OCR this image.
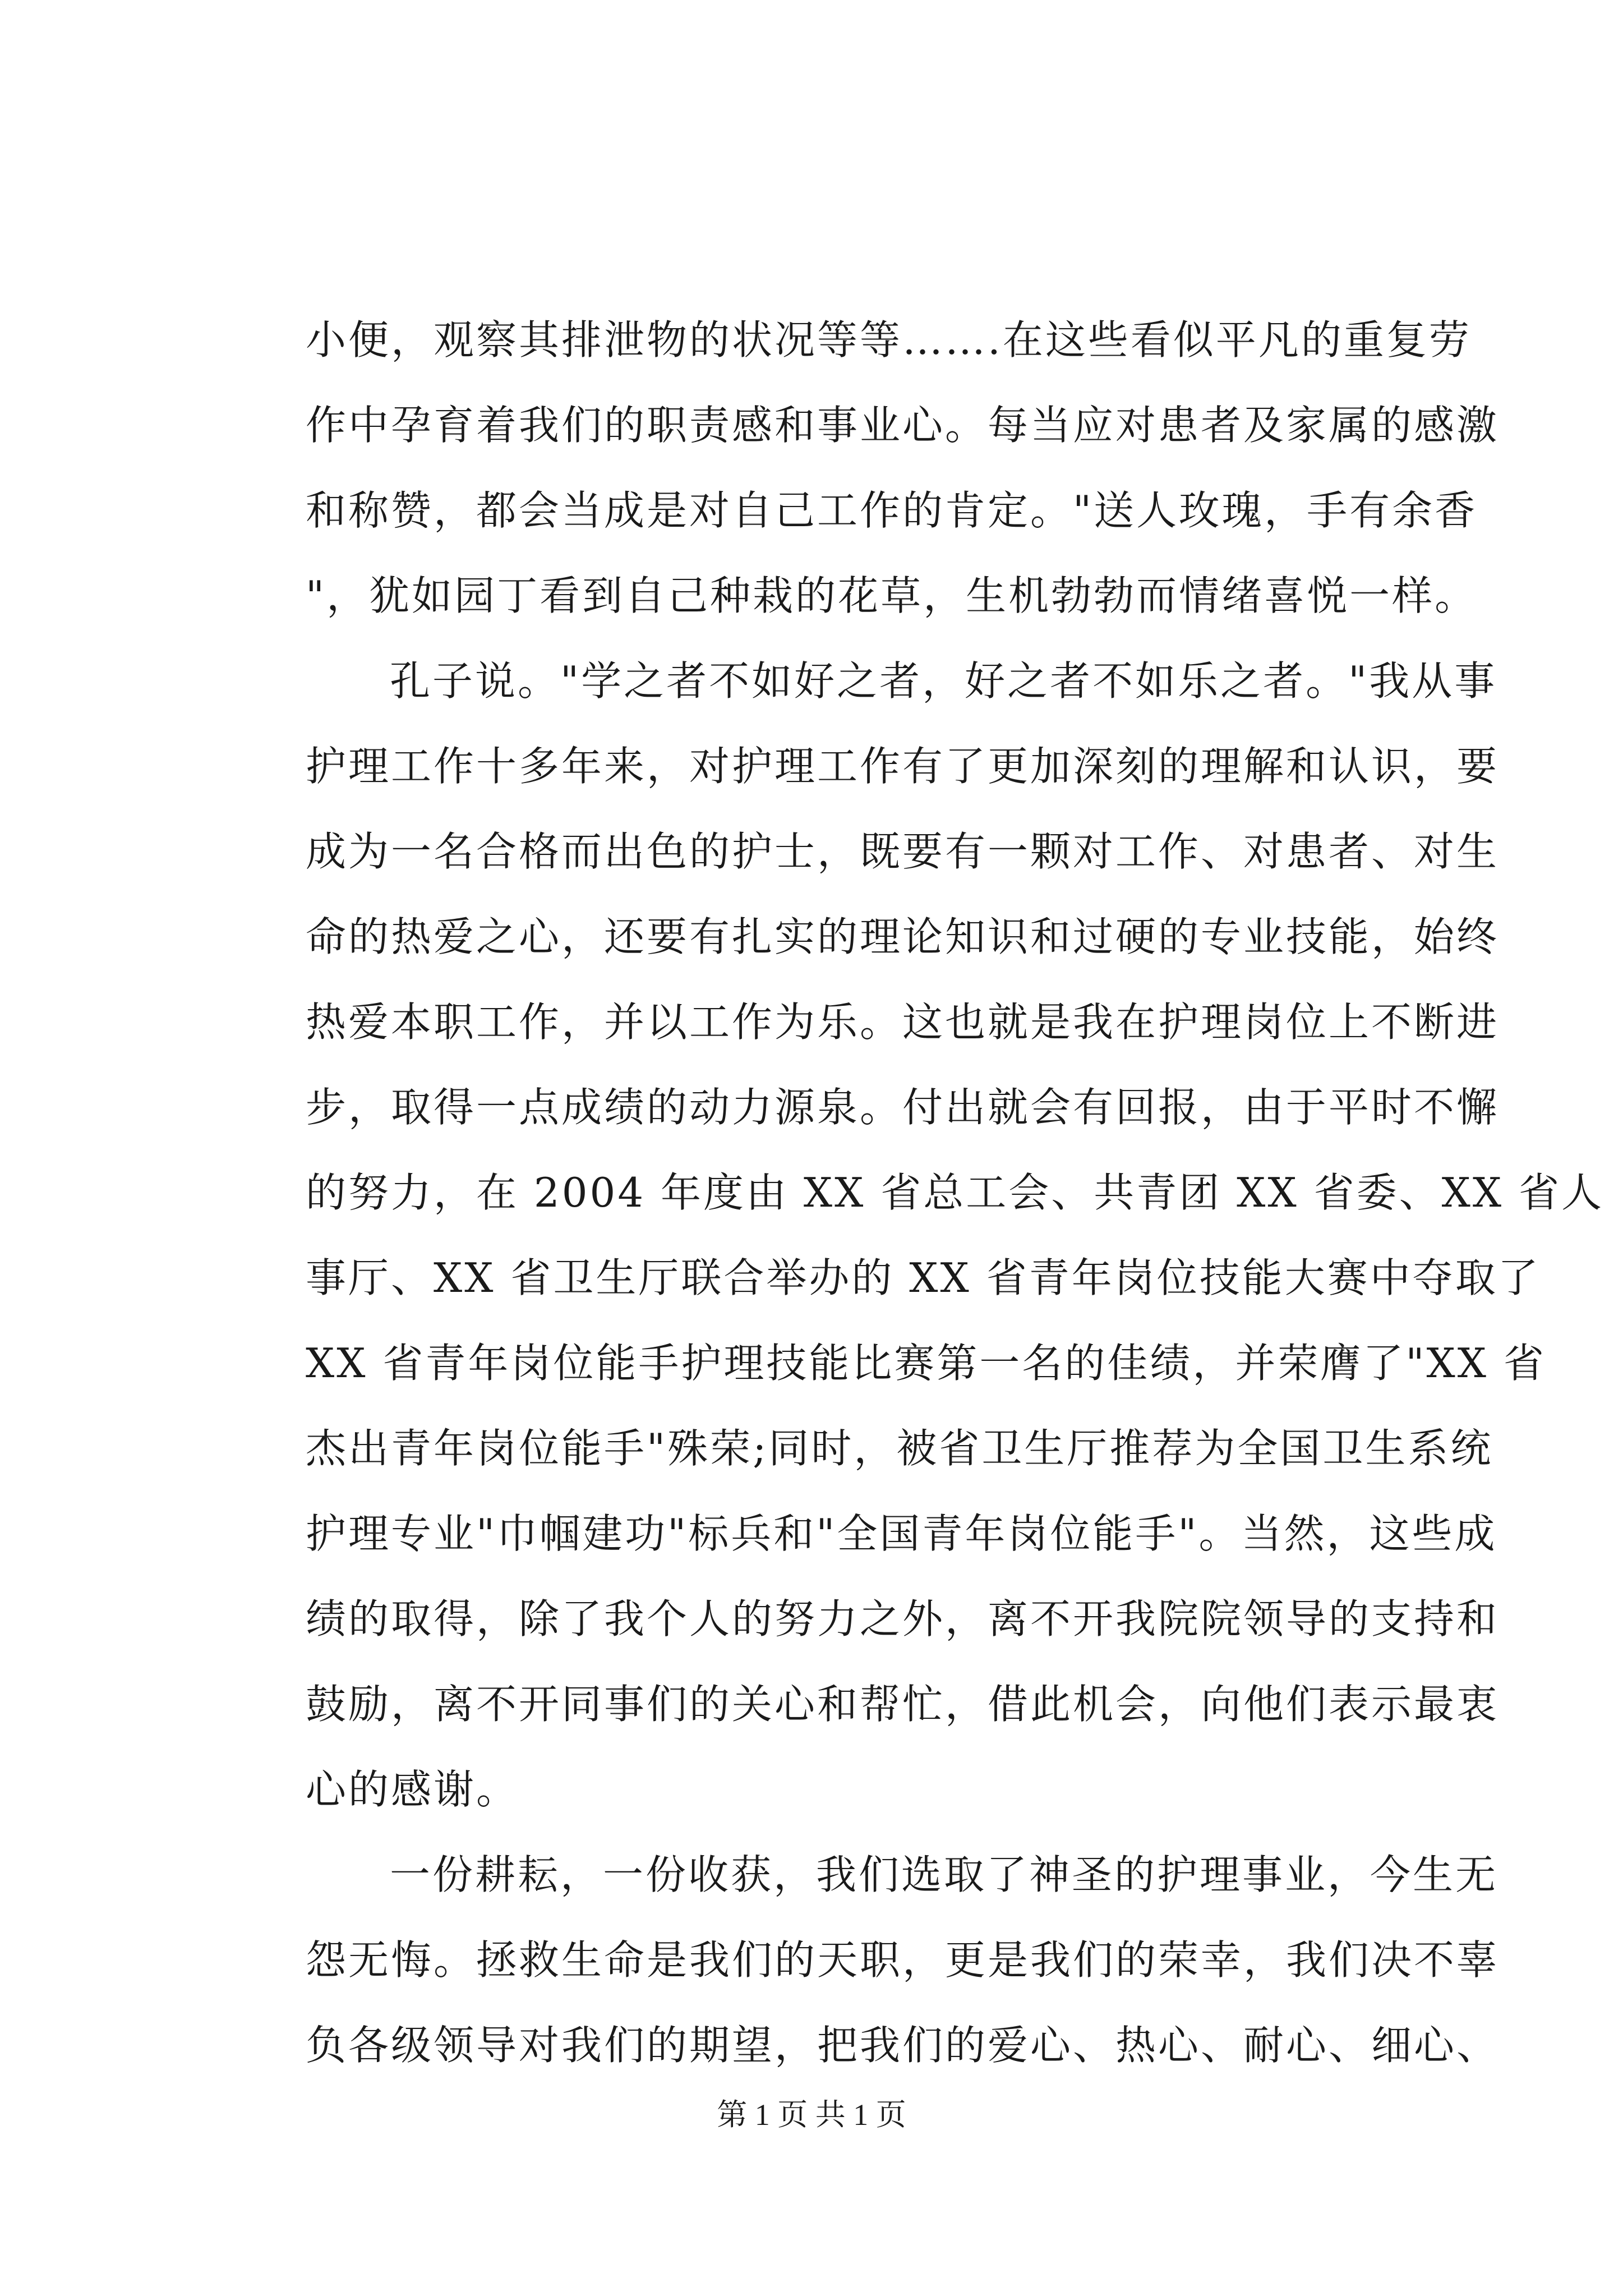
小便，观察其排泄物的状况等等…….在这些看似平凡的重复劳
作中孕育着我们的职责感和事业心。每当应对患者及家属的感激
和称赞，都会当成是对自己工作的肯定。"送人玫瑰，手有余香
"，犹如园丁看到自己种栽的花草，生机勃勃而情绪喜悦一样。
孔子说。"学之者不如好之者，好之者不如乐之者。"我从事
护理工作十多年来，对护理工作有了更加深刻的理解和认识，要
成为一名合格而出色的护士，既要有一颗对工作、对患者、对生
命的热爱之心，还要有扎实的理论知识和过硬的专业技能，始终
热爱本职工作，并以工作为乐。这也就是我在护理岗位上不断进
步，取得一点成绩的动力源泉。付出就会有回报，由于平时不懈
的努力，在 2004 年度由 XX 省总工会、共青团 XX 省委、XX 省人
事厅、XX 省卫生厅联合举办的 XX 省青年岗位技能大赛中夺取了
XX 省青年岗位能手护理技能比赛第一名的佳绩，并荣膺了"XX 省
杰出青年岗位能手"殊荣;同时，被省卫生厅推荐为全国卫生系统
护理专业"巾帼建功"标兵和"全国青年岗位能手"。当然，这些成
绩的取得，除了我个人的努力之外，离不开我院院领导的支持和
鼓励，离不开同事们的关心和帮忙，借此机会，向他们表示最衷
心的感谢。
一份耕耘，一份收获，我们选取了神圣的护理事业，今生无
怨无悔。拯救生命是我们的天职，更是我们的荣幸，我们决不辜
负各级领导对我们的期望，把我们的爱心、热心、耐心、细心、
第 1 页 共 1 页
